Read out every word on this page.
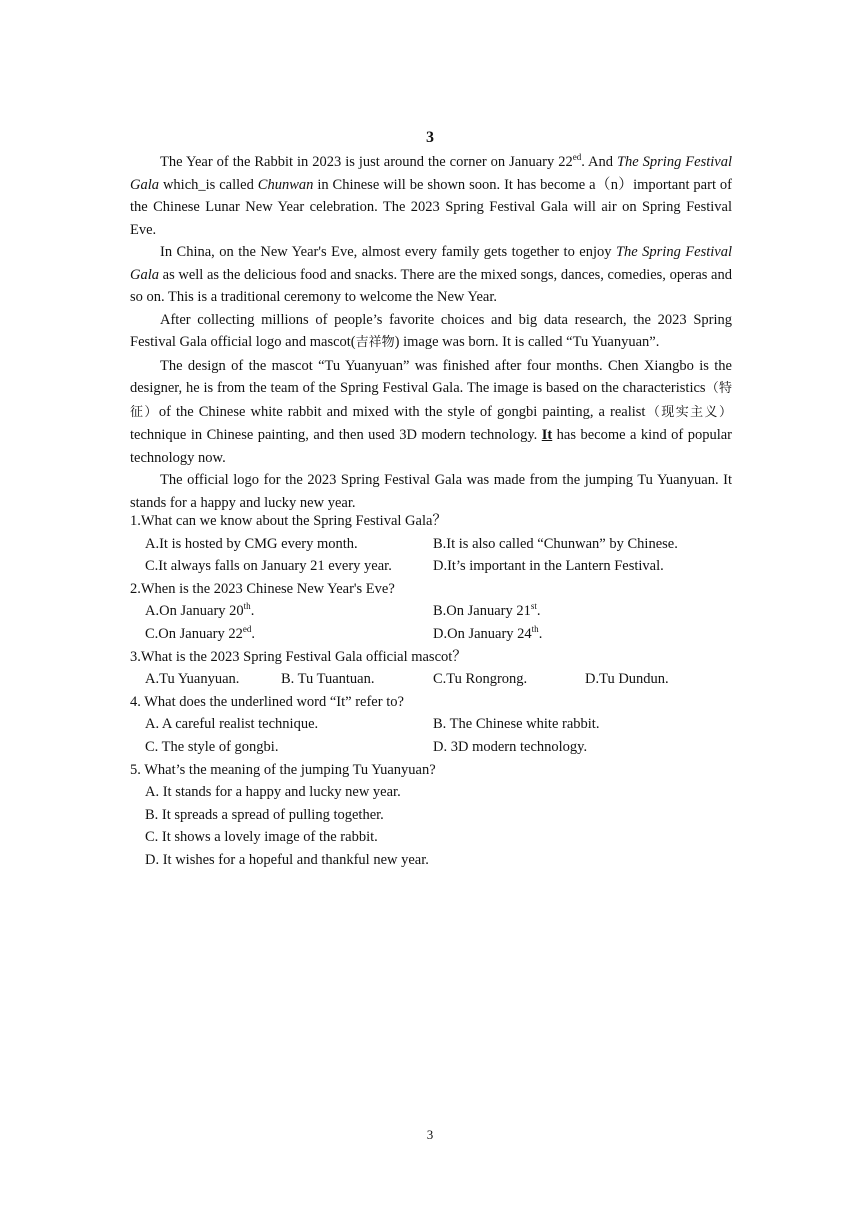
3

The Year of the Rabbit in 2023 is just around the corner on January $22^{ed}$. And The Spring Festival Gala which_is called Chunwan in Chinese will be shown soon. It has become a（n）important part of the Chinese Lunar New Year celebration. The 2023 Spring Festival Gala will air on Spring Festival Eve.

In China, on the New Year's Eve, almost every family gets together to enjoy The Spring Festival Gala as well as the delicious food and snacks. There are the mixed songs, dances, comedies, operas and so on. This is a traditional ceremony to welcome the New Year.

After collecting millions of people’s favorite choices and big data research, the 2023 Spring Festival Gala official logo and mascot(吉祥物) image was born. It is called “Tu Yuanyuan”.

The design of the mascot “Tu Yuanyuan” was finished after four months. Chen Xiangbo is the designer, he is from the team of the Spring Festival Gala. The image is based on the characteristics（特征）of the Chinese white rabbit and mixed with the style of gongbi painting, a realist（现实主义）technique in Chinese painting, and then used 3D modern technology. It has become a kind of popular technology now.

The official logo for the 2023 Spring Festival Gala was made from the jumping Tu Yuanyuan. It stands for a happy and lucky new year.

1.What can we know about the Spring Festival Gala？

A.It is hosted by CMG every month.	B.It is also called “Chunwan” by Chinese.
C.It always falls on January 21 every year.	D.It’s important in the Lantern Festival.

2.When is the 2023 Chinese New Year's Eve?

A.On January 20th.	B.On January 21st.
C.On January $22^{ed}$.	D.On January 24th.

3.What is the 2023 Spring Festival Gala official mascot？

A.Tu Yuanyuan.	B. Tu Tuantuan.	C.Tu Rongrong.	D.Tu Dundun.

4. What does the underlined word “It” refer to?

A. A careful realist technique.	B. The Chinese white rabbit.
C. The style of gongbi.	D. 3D modern technology.

5. What’s the meaning of the jumping Tu Yuanyuan?

A. It stands for a happy and lucky new year.

B. It spreads a spread of pulling together.

C. It shows a lovely image of the rabbit.

D. It wishes for a hopeful and thankful new year.

3
